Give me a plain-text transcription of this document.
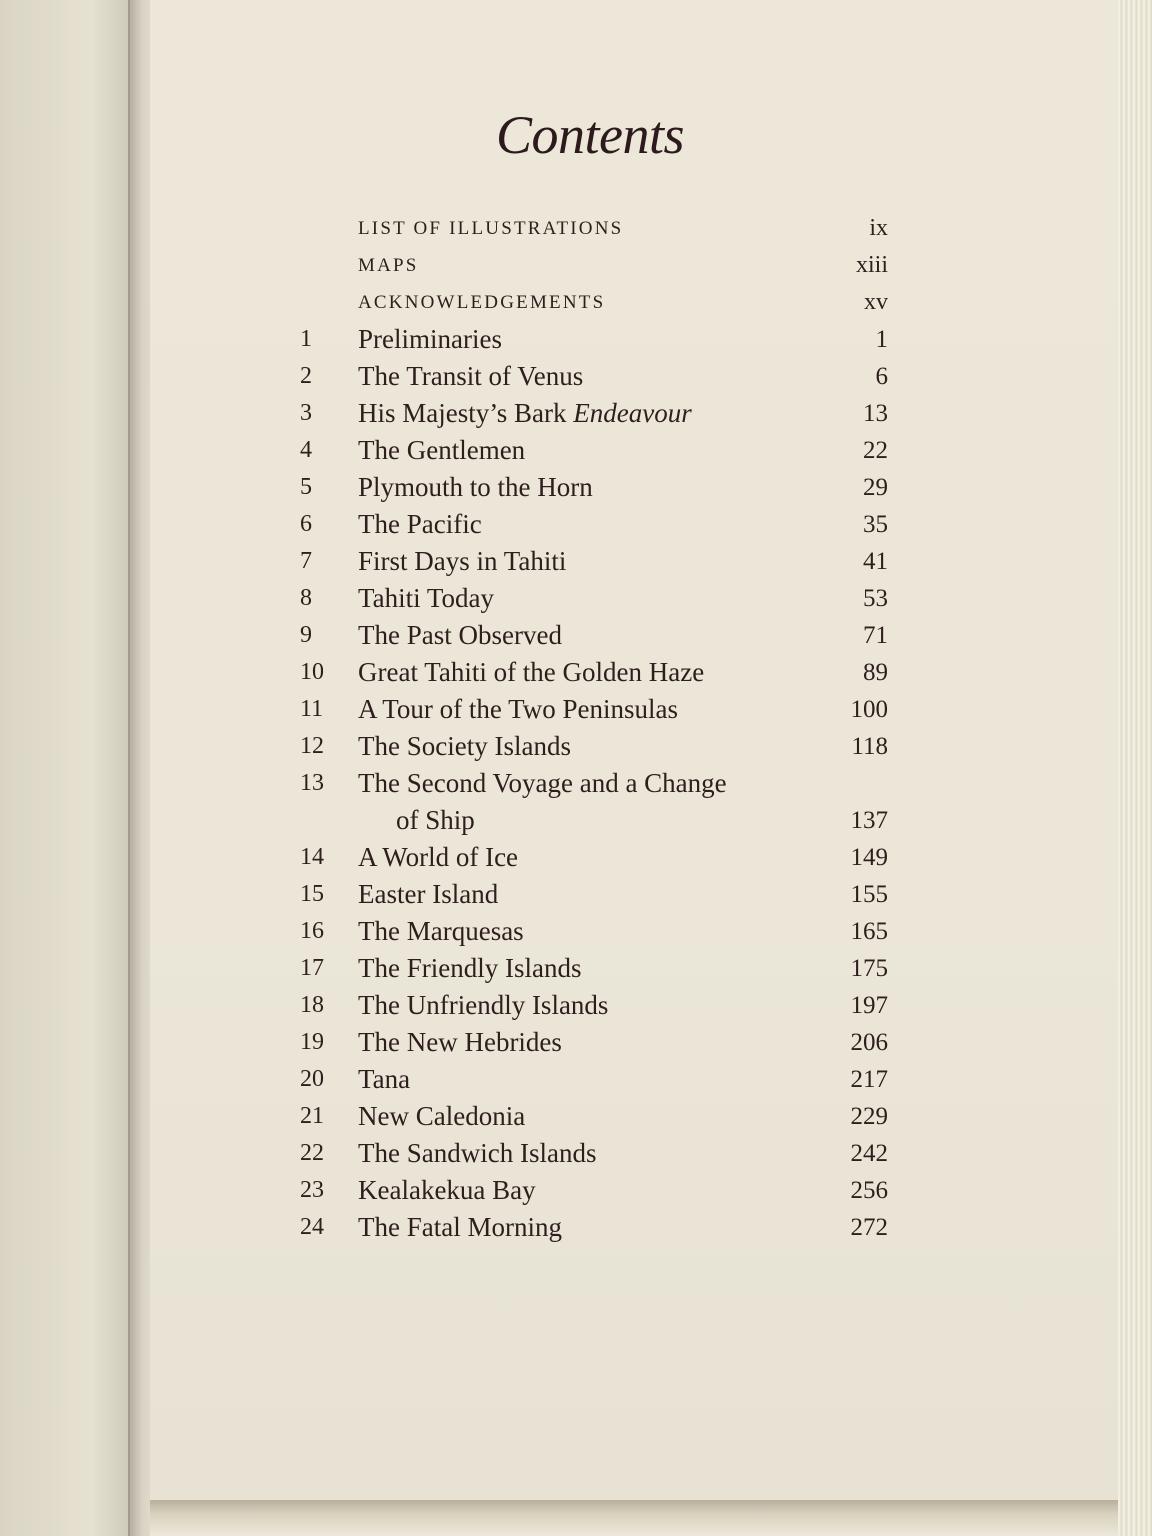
Contents
LIST OF ILLUSTRATIONS	ix
MAPS	xiii
ACKNOWLEDGEMENTS	xv
1	Preliminaries	1
2	The Transit of Venus	6
3	His Majesty’s Bark Endeavour	13
4	The Gentlemen	22
5	Plymouth to the Horn	29
6	The Pacific	35
7	First Days in Tahiti	41
8	Tahiti Today	53
9	The Past Observed	71
10	Great Tahiti of the Golden Haze	89
11	A Tour of the Two Peninsulas	100
12	The Society Islands	118
13	The Second Voyage and a Change
of Ship	137
14	A World of Ice	149
15	Easter Island	155
16	The Marquesas	165
17	The Friendly Islands	175
18	The Unfriendly Islands	197
19	The New Hebrides	206
20	Tana	217
21	New Caledonia	229
22	The Sandwich Islands	242
23	Kealakekua Bay	256
24	The Fatal Morning	272
